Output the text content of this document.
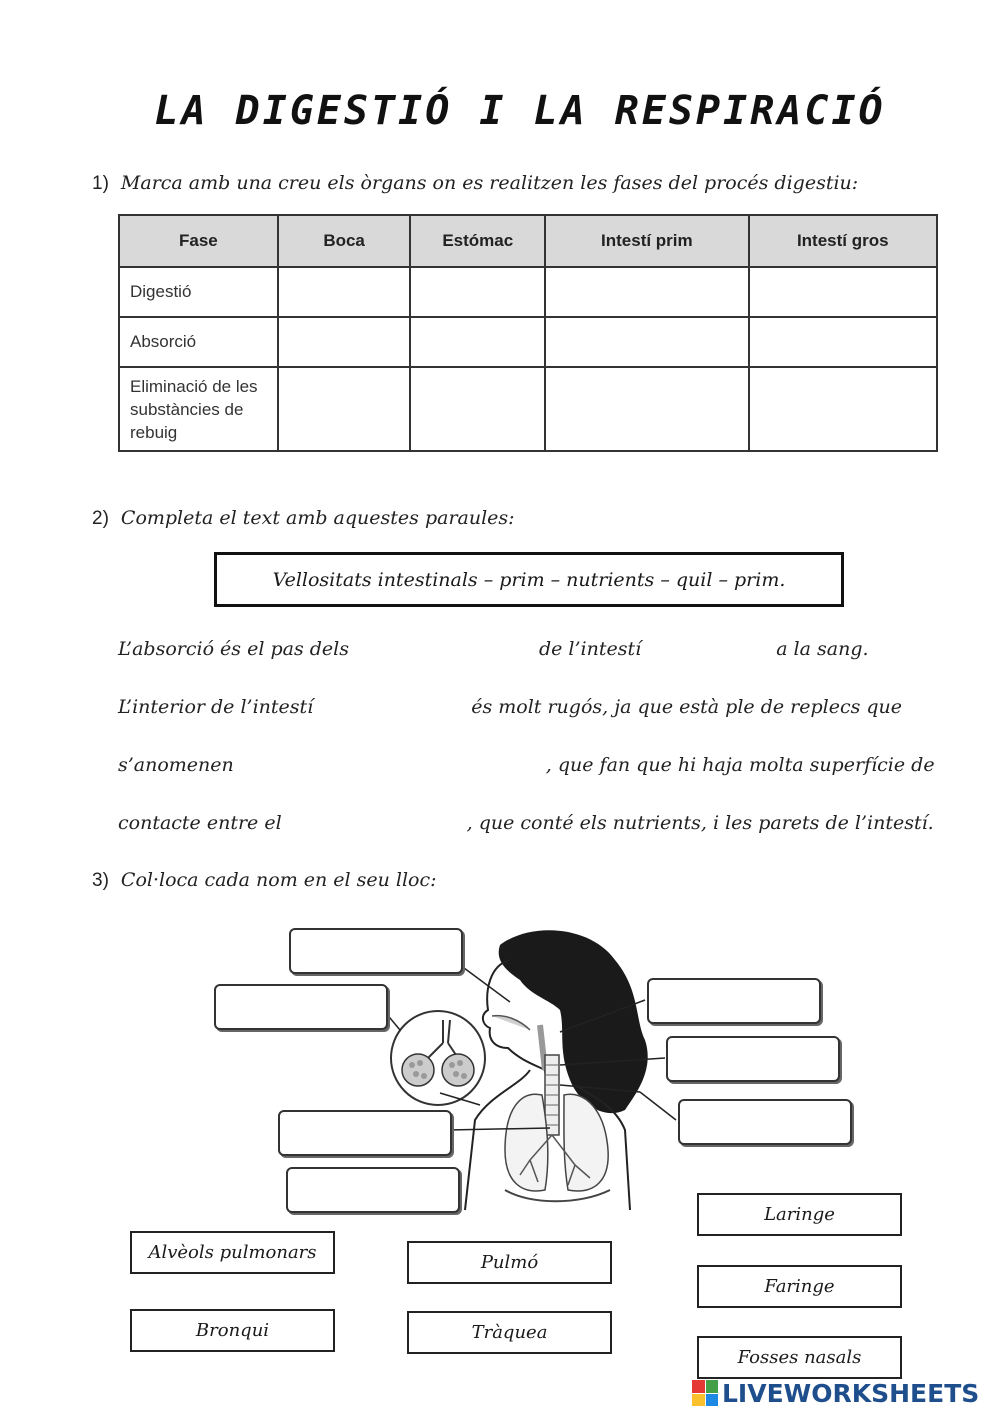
LA DIGESTIÓ I LA RESPIRACIÓ
1) Marca amb una creu els òrgans on es realitzen les fases del procés digestiu:
Fase	Boca	Estómac	Intestí prim	Intestí gros
Digestió				
Absorció				
Eliminació de les substàncies de rebuig				
2) Completa el text amb aquestes paraules:
Vellositats intestinals – prim – nutrients – quil – prim.
L’absorció és el pas dels	de l’intestí	a la sang.
L’interior de l’intestí	és molt rugós, ja que està ple de replecs que
s’anomenen	, que fan que hi haja molta superfície de
contacte entre el	, que conté els nutrients, i les parets de l’intestí.
3) Col·loca cada nom en el seu lloc:
Alvèols pulmonars
Bronqui
Pulmó
Tràquea
Laringe
Faringe
Fosses nasals
LIVEWORKSHEETS
